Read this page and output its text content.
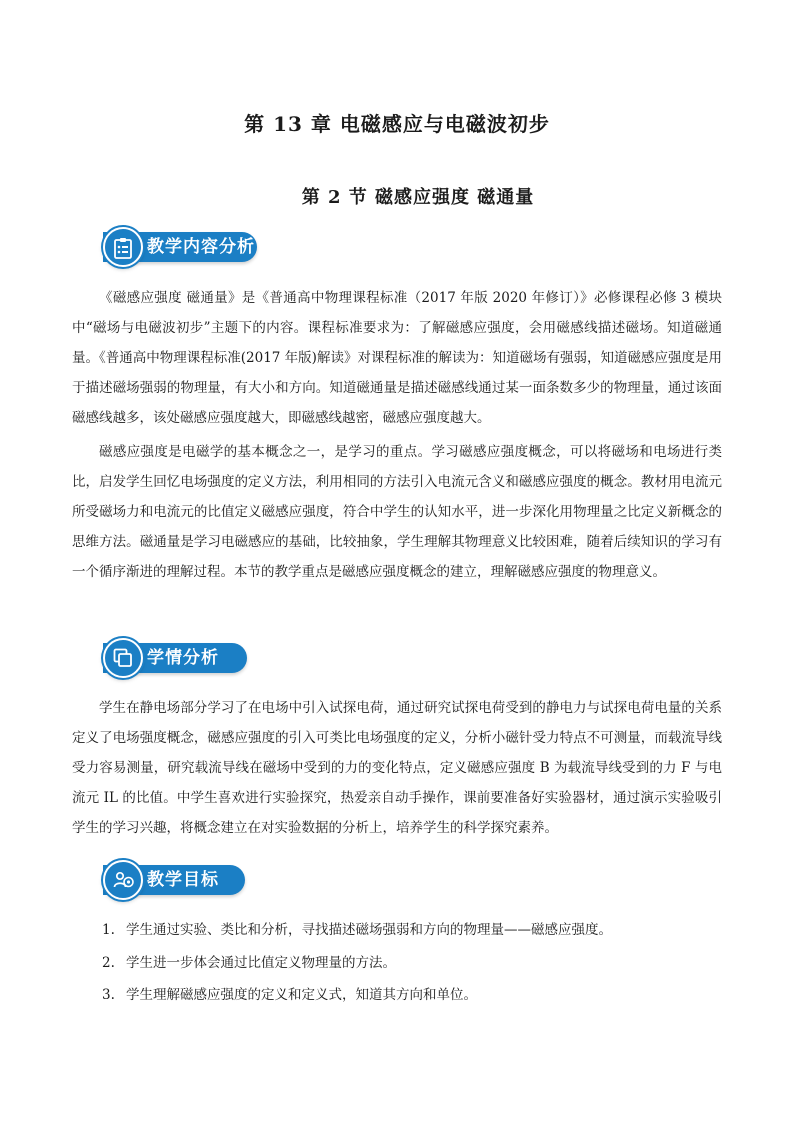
第 13 章 电磁感应与电磁波初步
第 2 节 磁感应强度 磁通量
教学内容分析

《磁感应强度 磁通量》是《普通高中物理课程标准（2017 年版 2020 年修订）》必修课程必修 3 模块中“磁场与电磁波初步”主题下的内容。课程标准要求为：了解磁感应强度，会用磁感线描述磁场。知道磁通量。《普通高中物理课程标准(2017 年版)解读》对课程标准的解读为：知道磁场有强弱，知道磁感应强度是用于描述磁场强弱的物理量，有大小和方向。知道磁通量是描述磁感线通过某一面条数多少的物理量，通过该面磁感线越多，该处磁感应强度越大，即磁感线越密，磁感应强度越大。

磁感应强度是电磁学的基本概念之一，是学习的重点。学习磁感应强度概念，可以将磁场和电场进行类比，启发学生回忆电场强度的定义方法，利用相同的方法引入电流元含义和磁感应强度的概念。教材用电流元所受磁场力和电流元的比值定义磁感应强度，符合中学生的认知水平，进一步深化用物理量之比定义新概念的思维方法。磁通量是学习电磁感应的基础，比较抽象，学生理解其物理意义比较困难，随着后续知识的学习有一个循序渐进的理解过程。本节的教学重点是磁感应强度概念的建立，理解磁感应强度的物理意义。

学情分析

学生在静电场部分学习了在电场中引入试探电荷，通过研究试探电荷受到的静电力与试探电荷电量的关系定义了电场强度概念，磁感应强度的引入可类比电场强度的定义，分析小磁针受力特点不可测量，而载流导线受力容易测量，研究载流导线在磁场中受到的力的变化特点，定义磁感应强度 B 为载流导线受到的力 F 与电流元 IL 的比值。中学生喜欢进行实验探究，热爱亲自动手操作，课前要准备好实验器材，通过演示实验吸引学生的学习兴趣，将概念建立在对实验数据的分析上，培养学生的科学探究素养。

教学目标
1. 学生通过实验、类比和分析，寻找描述磁场强弱和方向的物理量——磁感应强度。
2. 学生进一步体会通过比值定义物理量的方法。
3. 学生理解磁感应强度的定义和定义式，知道其方向和单位。
